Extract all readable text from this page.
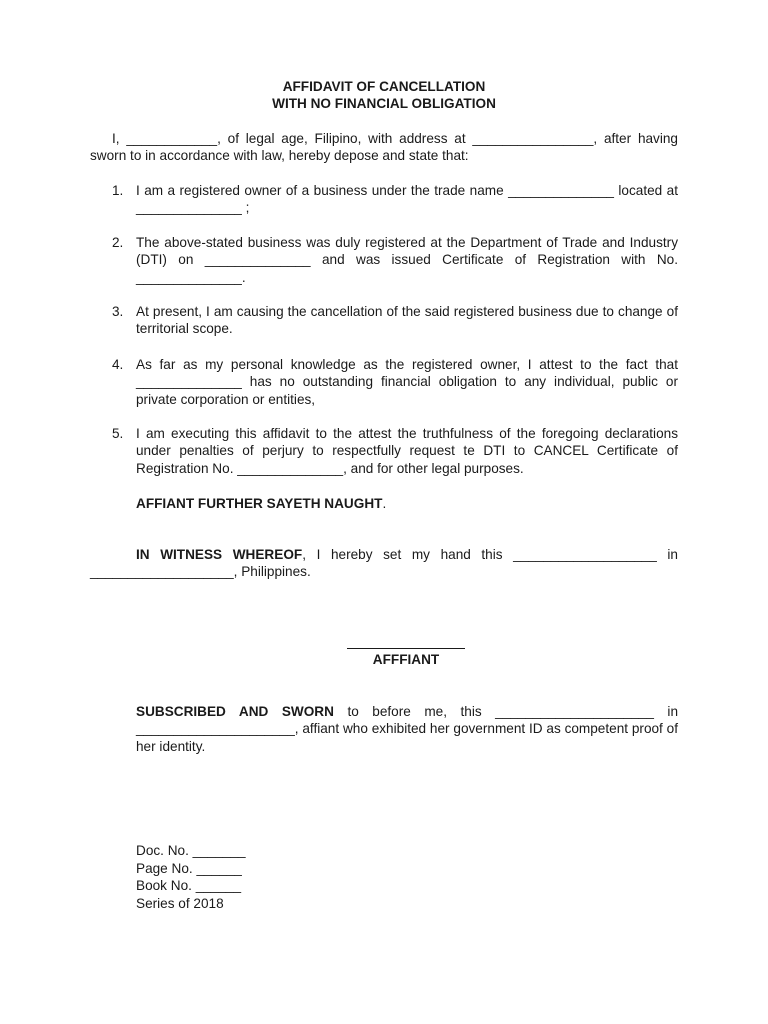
AFFIDAVIT OF CANCELLATION
WITH NO FINANCIAL OBLIGATION
I, ____________, of legal age, Filipino, with address at ________________, after having sworn to in accordance with law, hereby depose and state that:
1. I am a registered owner of a business under the trade name ______________ located at ______________ ;
2. The above-stated business was duly registered at the Department of Trade and Industry (DTI) on ______________ and was issued Certificate of Registration with No. ______________.
3. At present, I am causing the cancellation of the said registered business due to change of territorial scope.
4. As far as my personal knowledge as the registered owner, I attest to the fact that ______________ has no outstanding financial obligation to any individual, public or private corporation or entities,
5. I am executing this affidavit to the attest the truthfulness of the foregoing declarations under penalties of perjury to respectfully request te DTI to CANCEL Certificate of Registration No. ______________, and for other legal purposes.
AFFIANT FURTHER SAYETH NAUGHT.
IN WITNESS WHEREOF, I hereby set my hand this ___________________ in ___________________, Philippines.
AFFFIANT
SUBSCRIBED AND SWORN to before me, this _____________________ in _____________________, affiant who exhibited her government ID as competent proof of her identity.
Doc. No. _______
Page No. ______
Book No. ______
Series of 2018
